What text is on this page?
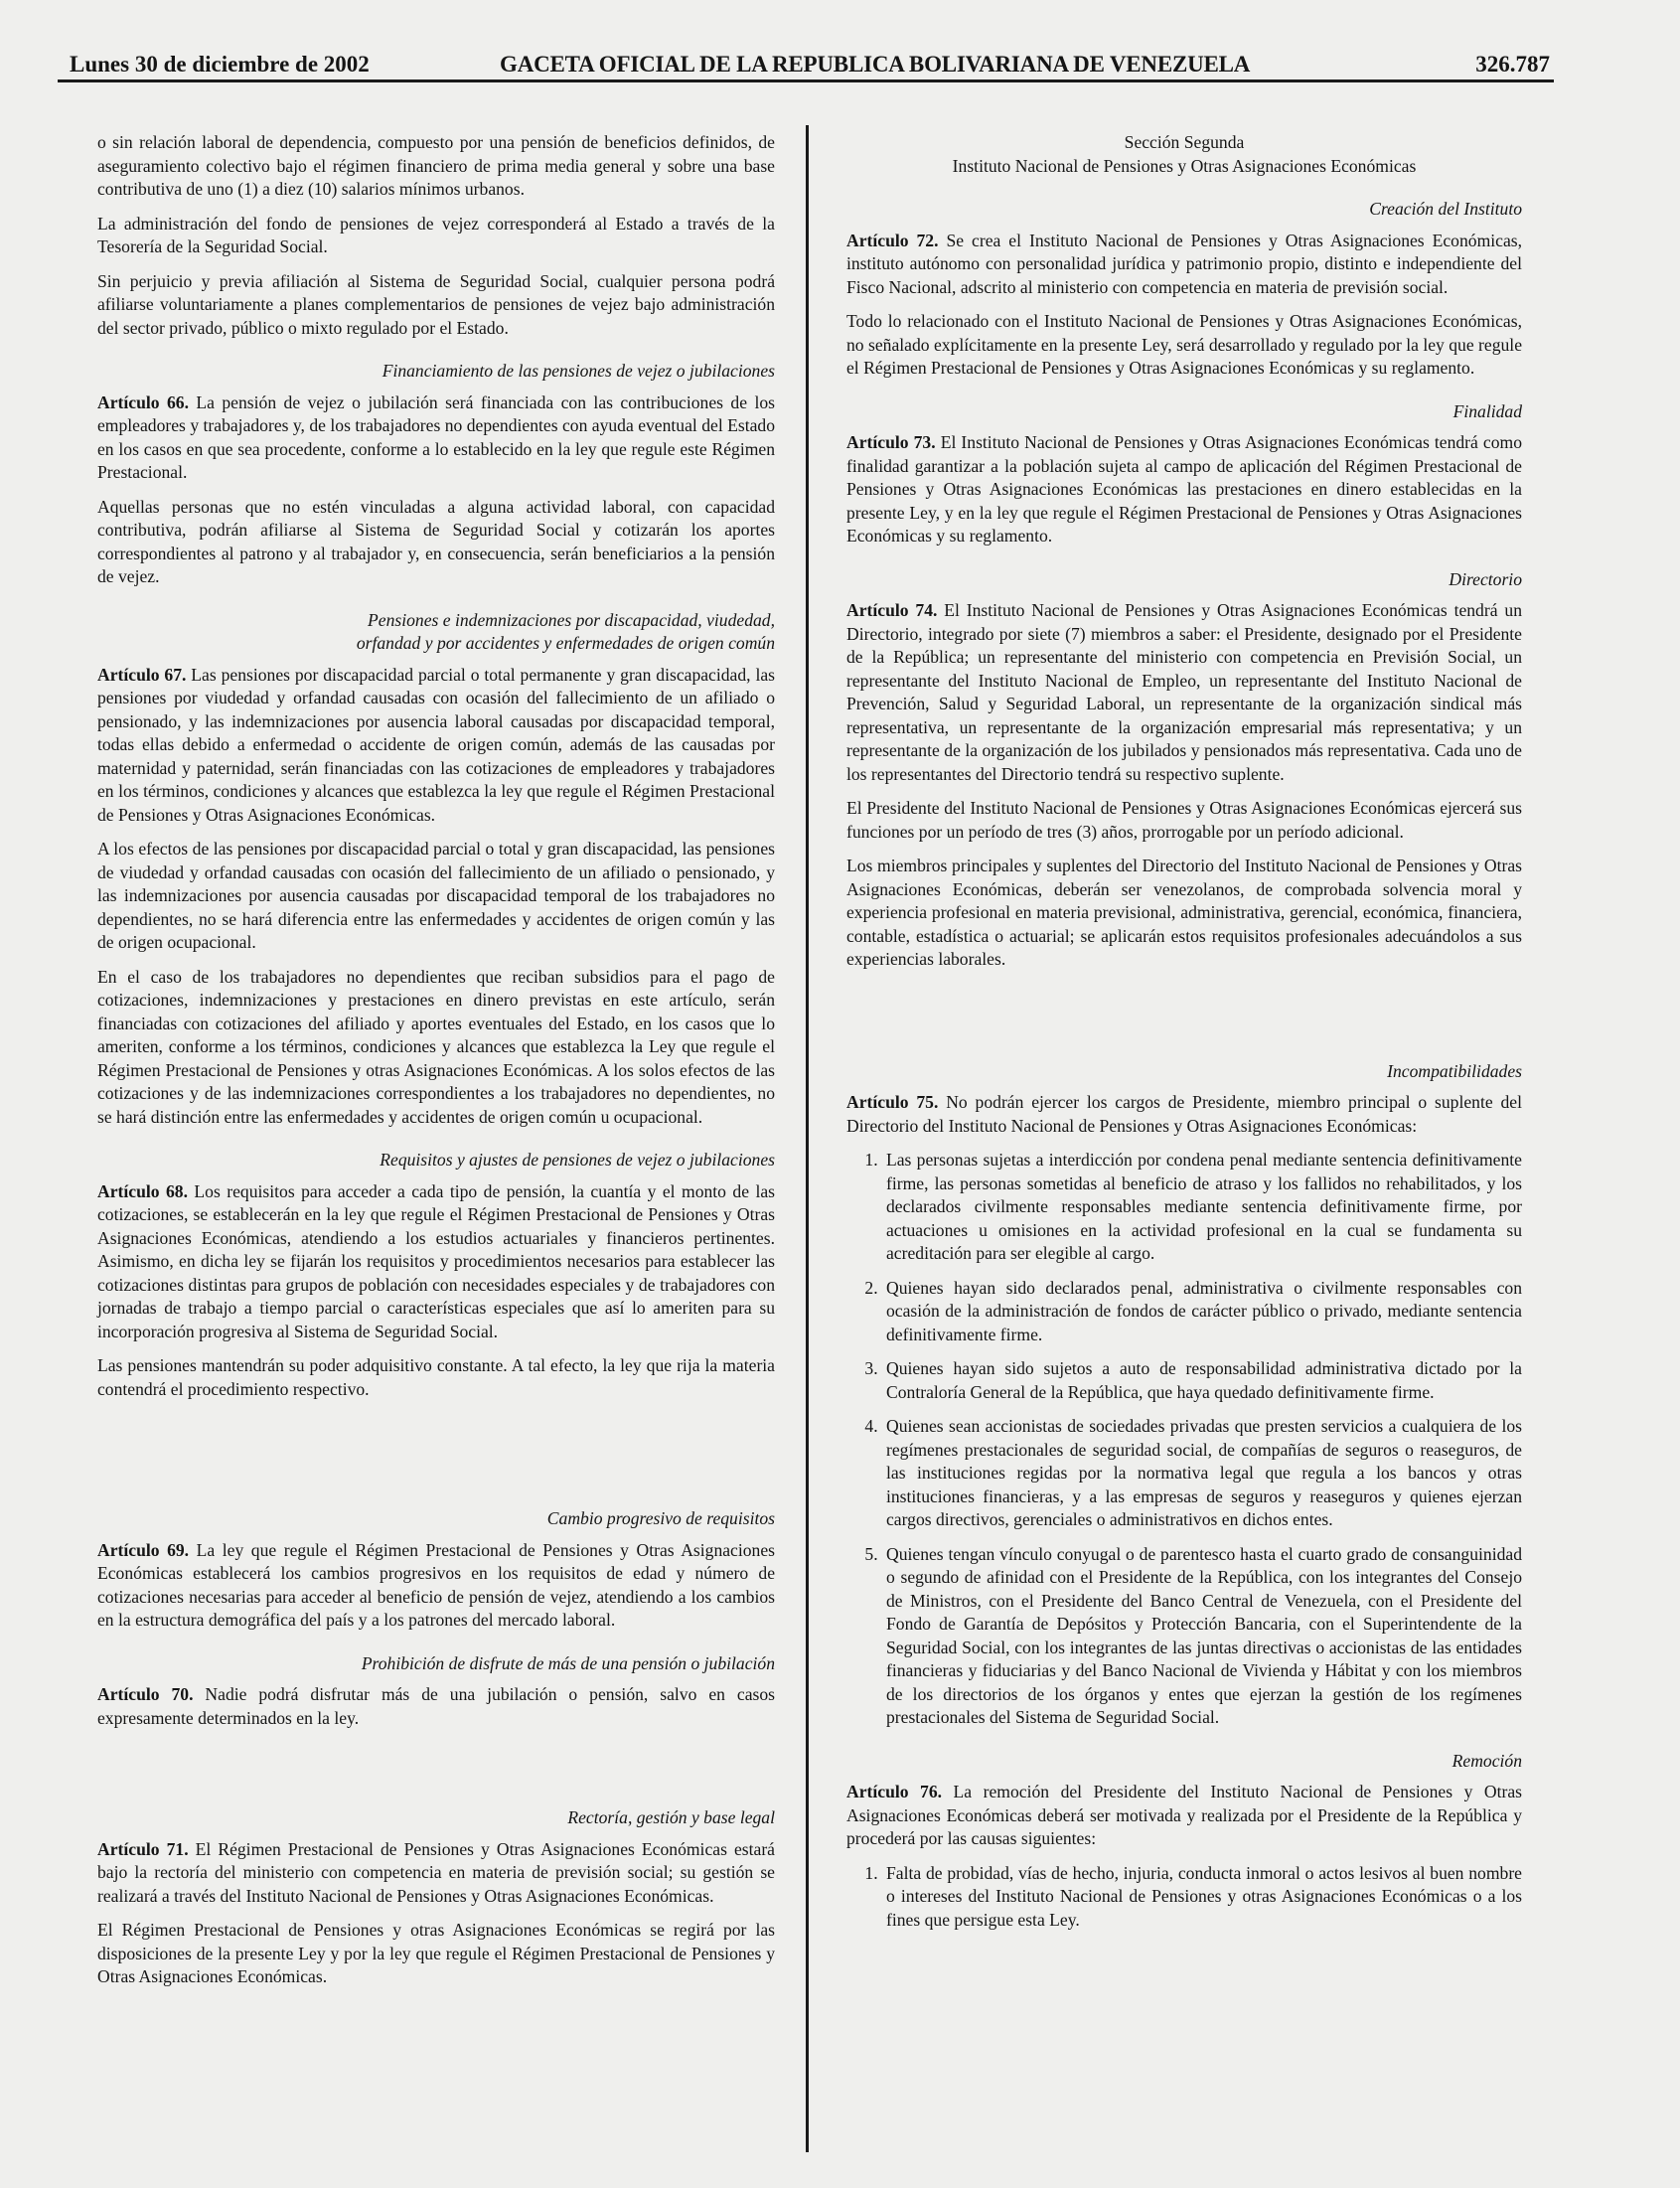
Lunes 30 de diciembre de 2002	GACETA OFICIAL DE LA REPUBLICA BOLIVARIANA DE VENEZUELA	326.787

o sin relación laboral de dependencia, compuesto por una pensión de beneficios definidos, de aseguramiento colectivo bajo el régimen financiero de prima media general y sobre una base contributiva de uno (1) a diez (10) salarios mínimos urbanos.

La administración del fondo de pensiones de vejez corresponderá al Estado a través de la Tesorería de la Seguridad Social.

Sin perjuicio y previa afiliación al Sistema de Seguridad Social, cualquier persona podrá afiliarse voluntariamente a planes complementarios de pensiones de vejez bajo administración del sector privado, público o mixto regulado por el Estado.

Financiamiento de las pensiones de vejez o jubilaciones

Artículo 66. La pensión de vejez o jubilación será financiada con las contribuciones de los empleadores y trabajadores y, de los trabajadores no dependientes con ayuda eventual del Estado en los casos en que sea procedente, conforme a lo establecido en la ley que regule este Régimen Prestacional.

Aquellas personas que no estén vinculadas a alguna actividad laboral, con capacidad contributiva, podrán afiliarse al Sistema de Seguridad Social y cotizarán los aportes correspondientes al patrono y al trabajador y, en consecuencia, serán beneficiarios a la pensión de vejez.

Pensiones e indemnizaciones por discapacidad, viudedad,
orfandad y por accidentes y enfermedades de origen común

Artículo 67. Las pensiones por discapacidad parcial o total permanente y gran discapacidad, las pensiones por viudedad y orfandad causadas con ocasión del fallecimiento de un afiliado o pensionado, y las indemnizaciones por ausencia laboral causadas por discapacidad temporal, todas ellas debido a enfermedad o accidente de origen común, además de las causadas por maternidad y paternidad, serán financiadas con las cotizaciones de empleadores y trabajadores en los términos, condiciones y alcances que establezca la ley que regule el Régimen Prestacional de Pensiones y Otras Asignaciones Económicas.

A los efectos de las pensiones por discapacidad parcial o total y gran discapacidad, las pensiones de viudedad y orfandad causadas con ocasión del fallecimiento de un afiliado o pensionado, y las indemnizaciones por ausencia causadas por discapacidad temporal de los trabajadores no dependientes, no se hará diferencia entre las enfermedades y accidentes de origen común y las de origen ocupacional.

En el caso de los trabajadores no dependientes que reciban subsidios para el pago de cotizaciones, indemnizaciones y prestaciones en dinero previstas en este artículo, serán financiadas con cotizaciones del afiliado y aportes eventuales del Estado, en los casos que lo ameriten, conforme a los términos, condiciones y alcances que establezca la Ley que regule el Régimen Prestacional de Pensiones y otras Asignaciones Económicas. A los solos efectos de las cotizaciones y de las indemnizaciones correspondientes a los trabajadores no dependientes, no se hará distinción entre las enfermedades y accidentes de origen común u ocupacional.

Requisitos y ajustes de pensiones de vejez o jubilaciones

Artículo 68. Los requisitos para acceder a cada tipo de pensión, la cuantía y el monto de las cotizaciones, se establecerán en la ley que regule el Régimen Prestacional de Pensiones y Otras Asignaciones Económicas, atendiendo a los estudios actuariales y financieros pertinentes. Asimismo, en dicha ley se fijarán los requisitos y procedimientos necesarios para establecer las cotizaciones distintas para grupos de población con necesidades especiales y de trabajadores con jornadas de trabajo a tiempo parcial o características especiales que así lo ameriten para su incorporación progresiva al Sistema de Seguridad Social.

Las pensiones mantendrán su poder adquisitivo constante. A tal efecto, la ley que rija la materia contendrá el procedimiento respectivo.

Cambio progresivo de requisitos

Artículo 69. La ley que regule el Régimen Prestacional de Pensiones y Otras Asignaciones Económicas establecerá los cambios progresivos en los requisitos de edad y número de cotizaciones necesarias para acceder al beneficio de pensión de vejez, atendiendo a los cambios en la estructura demográfica del país y a los patrones del mercado laboral.

Prohibición de disfrute de más de una pensión o jubilación

Artículo 70. Nadie podrá disfrutar más de una jubilación o pensión, salvo en casos expresamente determinados en la ley.

Rectoría, gestión y base legal

Artículo 71. El Régimen Prestacional de Pensiones y Otras Asignaciones Económicas estará bajo la rectoría del ministerio con competencia en materia de previsión social; su gestión se realizará a través del Instituto Nacional de Pensiones y Otras Asignaciones Económicas.

El Régimen Prestacional de Pensiones y otras Asignaciones Económicas se regirá por las disposiciones de la presente Ley y por la ley que regule el Régimen Prestacional de Pensiones y Otras Asignaciones Económicas.

Sección Segunda

Instituto Nacional de Pensiones y Otras Asignaciones Económicas

Creación del Instituto

Artículo 72. Se crea el Instituto Nacional de Pensiones y Otras Asignaciones Económicas, instituto autónomo con personalidad jurídica y patrimonio propio, distinto e independiente del Fisco Nacional, adscrito al ministerio con competencia en materia de previsión social.

Todo lo relacionado con el Instituto Nacional de Pensiones y Otras Asignaciones Económicas, no señalado explícitamente en la presente Ley, será desarrollado y regulado por la ley que regule el Régimen Prestacional de Pensiones y Otras Asignaciones Económicas y su reglamento.

Finalidad

Artículo 73. El Instituto Nacional de Pensiones y Otras Asignaciones Económicas tendrá como finalidad garantizar a la población sujeta al campo de aplicación del Régimen Prestacional de Pensiones y Otras Asignaciones Económicas las prestaciones en dinero establecidas en la presente Ley, y en la ley que regule el Régimen Prestacional de Pensiones y Otras Asignaciones Económicas y su reglamento.

Directorio

Artículo 74. El Instituto Nacional de Pensiones y Otras Asignaciones Económicas tendrá un Directorio, integrado por siete (7) miembros a saber: el Presidente, designado por el Presidente de la República; un representante del ministerio con competencia en Previsión Social, un representante del Instituto Nacional de Empleo, un representante del Instituto Nacional de Prevención, Salud y Seguridad Laboral, un representante de la organización sindical más representativa, un representante de la organización empresarial más representativa; y un representante de la organización de los jubilados y pensionados más representativa. Cada uno de los representantes del Directorio tendrá su respectivo suplente.

El Presidente del Instituto Nacional de Pensiones y Otras Asignaciones Económicas ejercerá sus funciones por un período de tres (3) años, prorrogable por un período adicional.

Los miembros principales y suplentes del Directorio del Instituto Nacional de Pensiones y Otras Asignaciones Económicas, deberán ser venezolanos, de comprobada solvencia moral y experiencia profesional en materia previsional, administrativa, gerencial, económica, financiera, contable, estadística o actuarial; se aplicarán estos requisitos profesionales adecuándolos a sus experiencias laborales.

Incompatibilidades

Artículo 75. No podrán ejercer los cargos de Presidente, miembro principal o suplente del Directorio del Instituto Nacional de Pensiones y Otras Asignaciones Económicas:

1. Las personas sujetas a interdicción por condena penal mediante sentencia definitivamente firme, las personas sometidas al beneficio de atraso y los fallidos no rehabilitados, y los declarados civilmente responsables mediante sentencia definitivamente firme, por actuaciones u omisiones en la actividad profesional en la cual se fundamenta su acreditación para ser elegible al cargo.
2. Quienes hayan sido declarados penal, administrativa o civilmente responsables con ocasión de la administración de fondos de carácter público o privado, mediante sentencia definitivamente firme.
3. Quienes hayan sido sujetos a auto de responsabilidad administrativa dictado por la Contraloría General de la República, que haya quedado definitivamente firme.
4. Quienes sean accionistas de sociedades privadas que presten servicios a cualquiera de los regímenes prestacionales de seguridad social, de compañías de seguros o reaseguros, de las instituciones regidas por la normativa legal que regula a los bancos y otras instituciones financieras, y a las empresas de seguros y reaseguros y quienes ejerzan cargos directivos, gerenciales o administrativos en dichos entes.
5. Quienes tengan vínculo conyugal o de parentesco hasta el cuarto grado de consanguinidad o segundo de afinidad con el Presidente de la República, con los integrantes del Consejo de Ministros, con el Presidente del Banco Central de Venezuela, con el Presidente del Fondo de Garantía de Depósitos y Protección Bancaria, con el Superintendente de la Seguridad Social, con los integrantes de las juntas directivas o accionistas de las entidades financieras y fiduciarias y del Banco Nacional de Vivienda y Hábitat y con los miembros de los directorios de los órganos y entes que ejerzan la gestión de los regímenes prestacionales del Sistema de Seguridad Social.
Remoción

Artículo 76. La remoción del Presidente del Instituto Nacional de Pensiones y Otras Asignaciones Económicas deberá ser motivada y realizada por el Presidente de la República y procederá por las causas siguientes:

1. Falta de probidad, vías de hecho, injuria, conducta inmoral o actos lesivos al buen nombre o intereses del Instituto Nacional de Pensiones y otras Asignaciones Económicas o a los fines que persigue esta Ley.
